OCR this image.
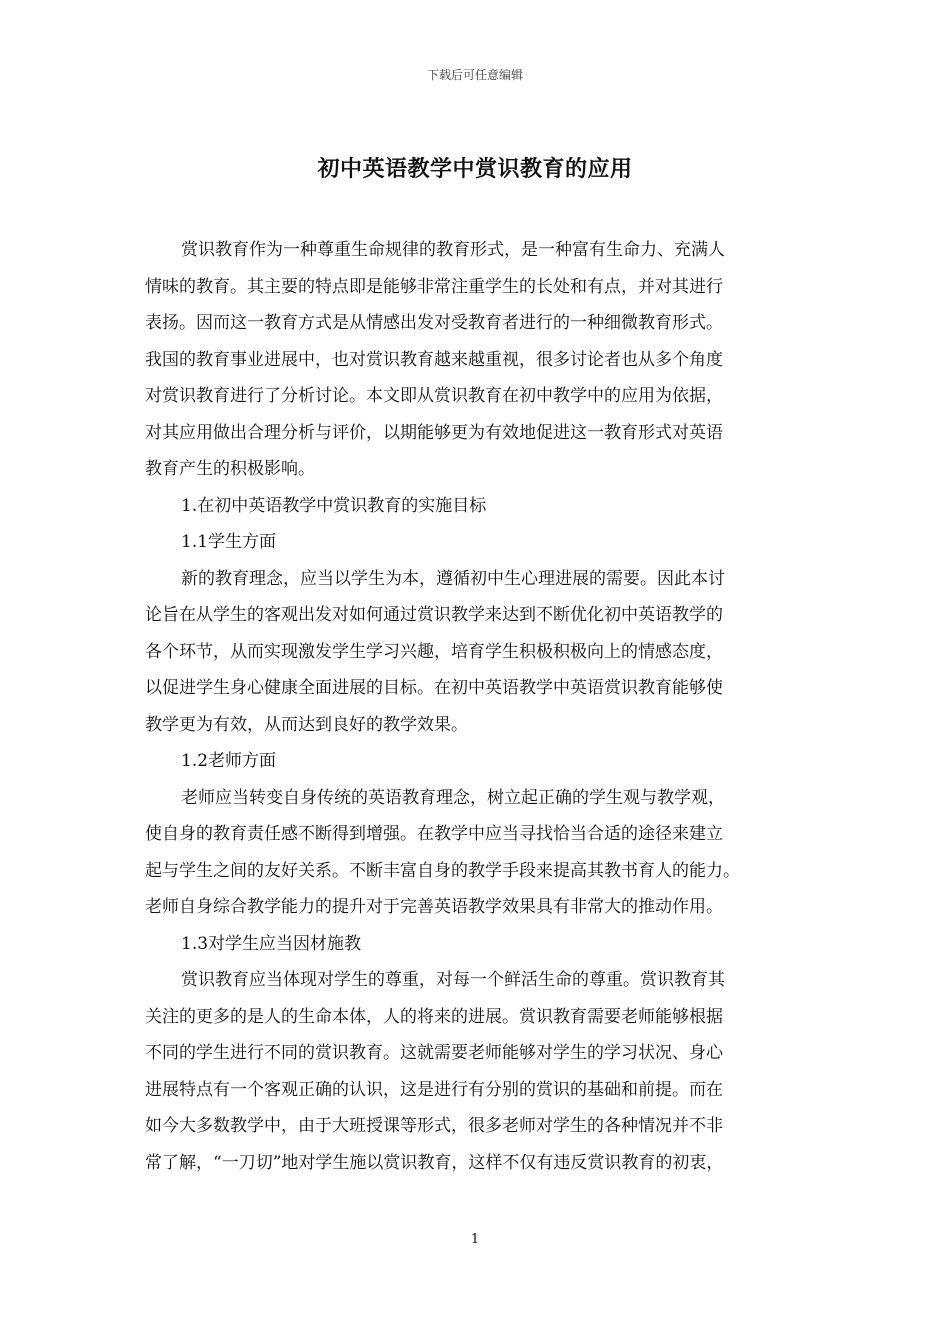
下载后可任意编辑
初中英语教学中赏识教育的应用
赏识教育作为一种尊重生命规律的教育形式，是一种富有生命力、充满人
情味的教育。其主要的特点即是能够非常注重学生的长处和有点，并对其进行
表扬。因而这一教育方式是从情感出发对受教育者进行的一种细微教育形式。
我国的教育事业进展中，也对赏识教育越来越重视，很多讨论者也从多个角度
对赏识教育进行了分析讨论。本文即从赏识教育在初中教学中的应用为依据，
对其应用做出合理分析与评价，以期能够更为有效地促进这一教育形式对英语
教育产生的积极影响。
1.在初中英语教学中赏识教育的实施目标
1.1学生方面
新的教育理念，应当以学生为本，遵循初中生心理进展的需要。因此本讨
论旨在从学生的客观出发对如何通过赏识教学来达到不断优化初中英语教学的
各个环节，从而实现激发学生学习兴趣，培育学生积极积极向上的情感态度，
以促进学生身心健康全面进展的目标。在初中英语教学中英语赏识教育能够使
教学更为有效，从而达到良好的教学效果。
1.2老师方面
老师应当转变自身传统的英语教育理念，树立起正确的学生观与教学观，
使自身的教育责任感不断得到增强。在教学中应当寻找恰当合适的途径来建立
起与学生之间的友好关系。不断丰富自身的教学手段来提高其教书育人的能力。
老师自身综合教学能力的提升对于完善英语教学效果具有非常大的推动作用。
1.3对学生应当因材施教
赏识教育应当体现对学生的尊重，对每一个鲜活生命的尊重。赏识教育其
关注的更多的是人的生命本体，人的将来的进展。赏识教育需要老师能够根据
不同的学生进行不同的赏识教育。这就需要老师能够对学生的学习状况、身心
进展特点有一个客观正确的认识，这是进行有分别的赏识的基础和前提。而在
如今大多数教学中，由于大班授课等形式，很多老师对学生的各种情况并不非
常了解，“一刀切”地对学生施以赏识教育，这样不仅有违反赏识教育的初衷，
1
